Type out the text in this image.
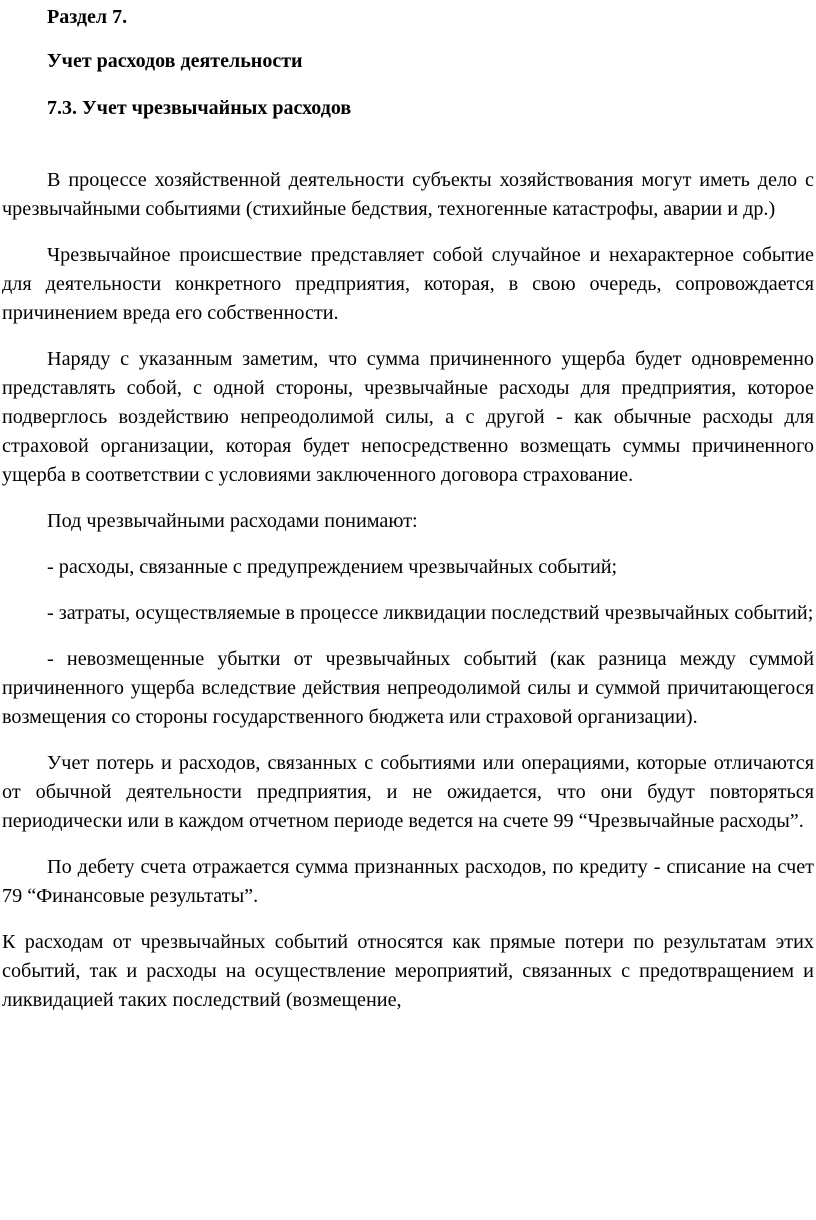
Раздел 7.
Учет расходов деятельности
7.3. Учет чрезвычайных расходов

В процессе хозяйственной деятельности субъекты хозяйствования могут иметь дело с чрезвычайными событиями (стихийные бедствия, техногенные катастрофы, аварии и др.)

Чрезвычайное происшествие представляет собой случайное и нехарактерное событие для деятельности конкретного предприятия, которая, в свою очередь, сопровождается причинением вреда его собственности.

Наряду с указанным заметим, что сумма причиненного ущерба будет одновременно представлять собой, с одной стороны, чрезвычайные расходы для предприятия, которое подверглось воздействию непреодолимой силы, а с другой - как обычные расходы для страховой организации, которая будет непосредственно возмещать суммы причиненного ущерба в соответствии с условиями заключенного договора страхование.

Под чрезвычайными расходами понимают:

- расходы, связанные с предупреждением чрезвычайных событий;

- затраты, осуществляемые в процессе ликвидации последствий чрезвычайных событий;

- невозмещенные убытки от чрезвычайных событий (как разница между суммой причиненного ущерба вследствие действия непреодолимой силы и суммой причитающегося возмещения со стороны государственного бюджета или страховой организации).

Учет потерь и расходов, связанных с событиями или операциями, которые отличаются от обычной деятельности предприятия, и не ожидается, что они будут повторяться периодически или в каждом отчетном периоде ведется на счете 99 “Чрезвычайные расходы”.

По дебету счета отражается сумма признанных расходов, по кредиту - списание на счет 79 “Финансовые результаты”.

К расходам от чрезвычайных событий относятся как прямые потери по результатам этих событий, так и расходы на осуществление мероприятий, связанных с предотвращением и ликвидацией таких последствий (возмещение,
